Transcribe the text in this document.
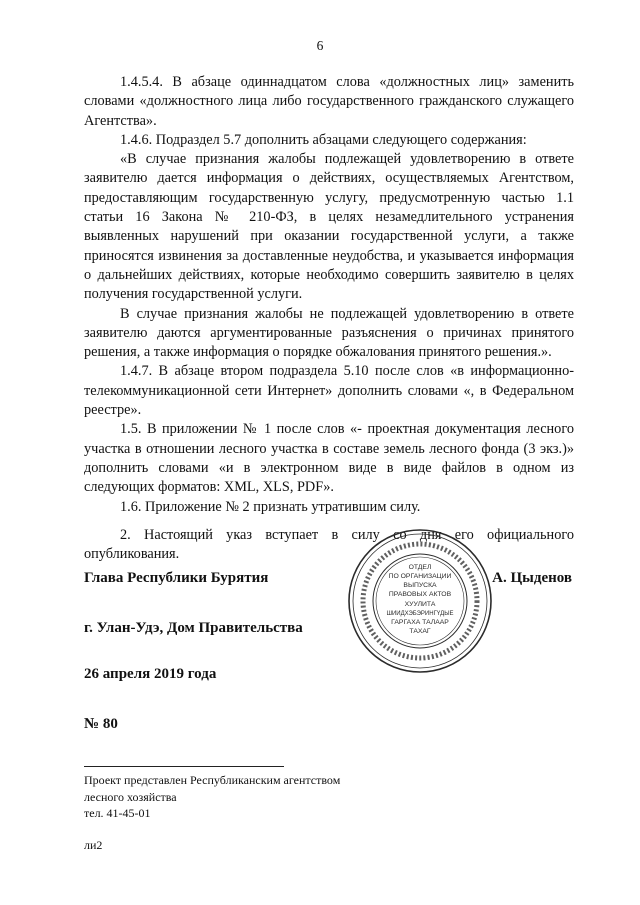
6

1.4.5.4. В абзаце одиннадцатом слова «должностных лиц» заменить словами «должностного лица либо государственного гражданского служащего Агентства».

1.4.6. Подраздел 5.7 дополнить абзацами следующего содержания:

«В случае признания жалобы подлежащей удовлетворению в ответе заявителю дается информация о действиях, осуществляемых Агентством, предоставляющим государственную услугу, предусмотренную частью 1.1 статьи 16 Закона № 210-ФЗ, в целях незамедлительного устранения выявленных нарушений при оказании государственной услуги, а также приносятся извинения за доставленные неудобства, и указывается информация о дальнейших действиях, которые необходимо совершить заявителю в целях получения государственной услуги.

В случае признания жалобы не подлежащей удовлетворению в ответе заявителю даются аргументированные разъяснения о причинах принятого решения, а также информация о порядке обжалования принятого решения.».

1.4.7. В абзаце втором подраздела 5.10 после слов «в информационно-телекоммуникационной сети Интернет» дополнить словами «, в Федеральном реестре».

1.5. В приложении № 1 после слов «- проектная документация лесного участка в отношении лесного участка в составе земель лесного фонда (3 экз.)» дополнить словами «и в электронном виде в виде файлов в одном из следующих форматов: XML, XLS, PDF».

1.6. Приложение № 2 признать утратившим силу.

2. Настоящий указ вступает в силу со дня его официального опубликования.

ОТДЕЛ
ПО ОРГАНИЗАЦИИ
ВЫПУСКА
ПРАВОВЫХ АКТОВ
ХУУЛИТА
ШИИДХЭБЭРИНГҮДЫЕ
ГАРГАХА ТАЛААР
ТАХАГ
Глава Республики Бурятия	А. Цыденов
г. Улан-Удэ, Дом Правительства
26 апреля 2019 года
№ 80
Проект представлен Республиканским агентством
лесного хозяйства
тел. 41-45-01
ли2
